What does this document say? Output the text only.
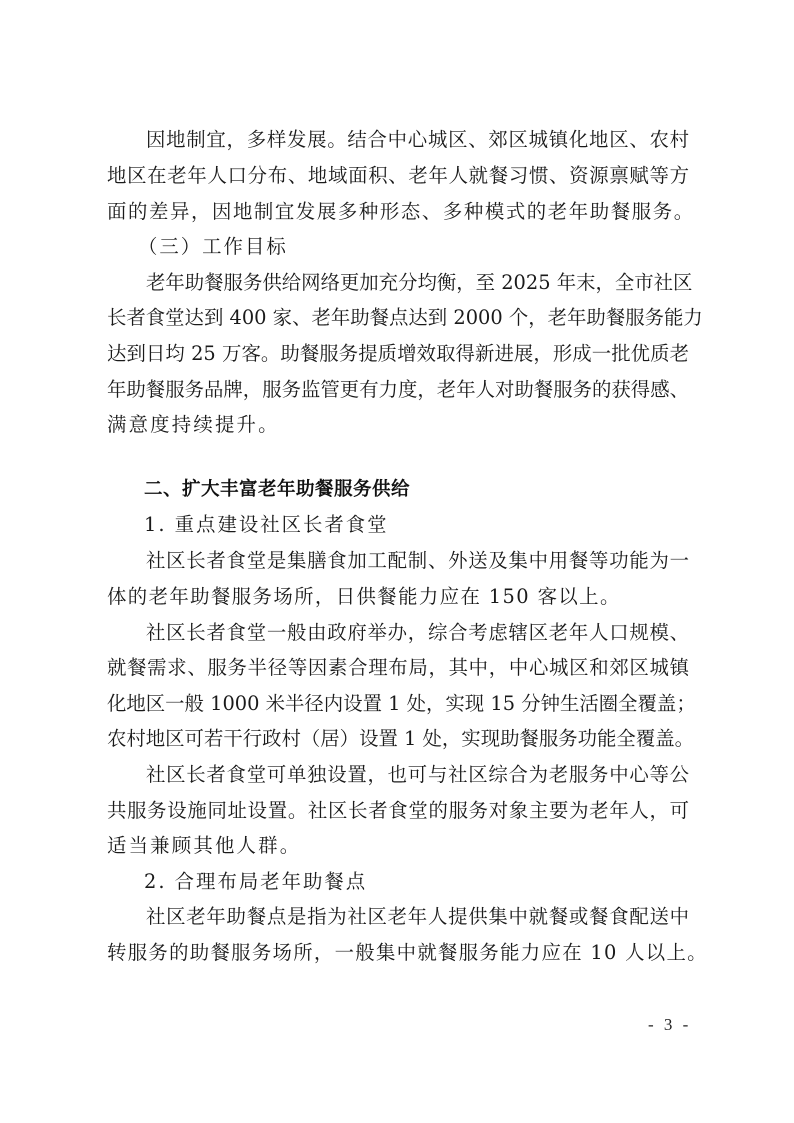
因地制宜，多样发展。结合中心城区、郊区城镇化地区、农村
地区在老年人口分布、地域面积、老年人就餐习惯、资源禀赋等方
面的差异，因地制宜发展多种形态、多种模式的老年助餐服务。
（三）工作目标
老年助餐服务供给网络更加充分均衡，至 2025 年末，全市社区
长者食堂达到 400 家、老年助餐点达到 2000 个，老年助餐服务能力
达到日均 25 万客。助餐服务提质增效取得新进展，形成一批优质老
年助餐服务品牌，服务监管更有力度，老年人对助餐服务的获得感、
满意度持续提升。
二、扩大丰富老年助餐服务供给
1. 重点建设社区长者食堂
社区长者食堂是集膳食加工配制、外送及集中用餐等功能为一
体的老年助餐服务场所，日供餐能力应在 150 客以上。
社区长者食堂一般由政府举办，综合考虑辖区老年人口规模、
就餐需求、服务半径等因素合理布局，其中，中心城区和郊区城镇
化地区一般 1000 米半径内设置 1 处，实现 15 分钟生活圈全覆盖；
农村地区可若干行政村（居）设置 1 处，实现助餐服务功能全覆盖。
社区长者食堂可单独设置，也可与社区综合为老服务中心等公
共服务设施同址设置。社区长者食堂的服务对象主要为老年人，可
适当兼顾其他人群。
2. 合理布局老年助餐点
社区老年助餐点是指为社区老年人提供集中就餐或餐食配送中
转服务的助餐服务场所，一般集中就餐服务能力应在 10 人以上。
- 3 -
